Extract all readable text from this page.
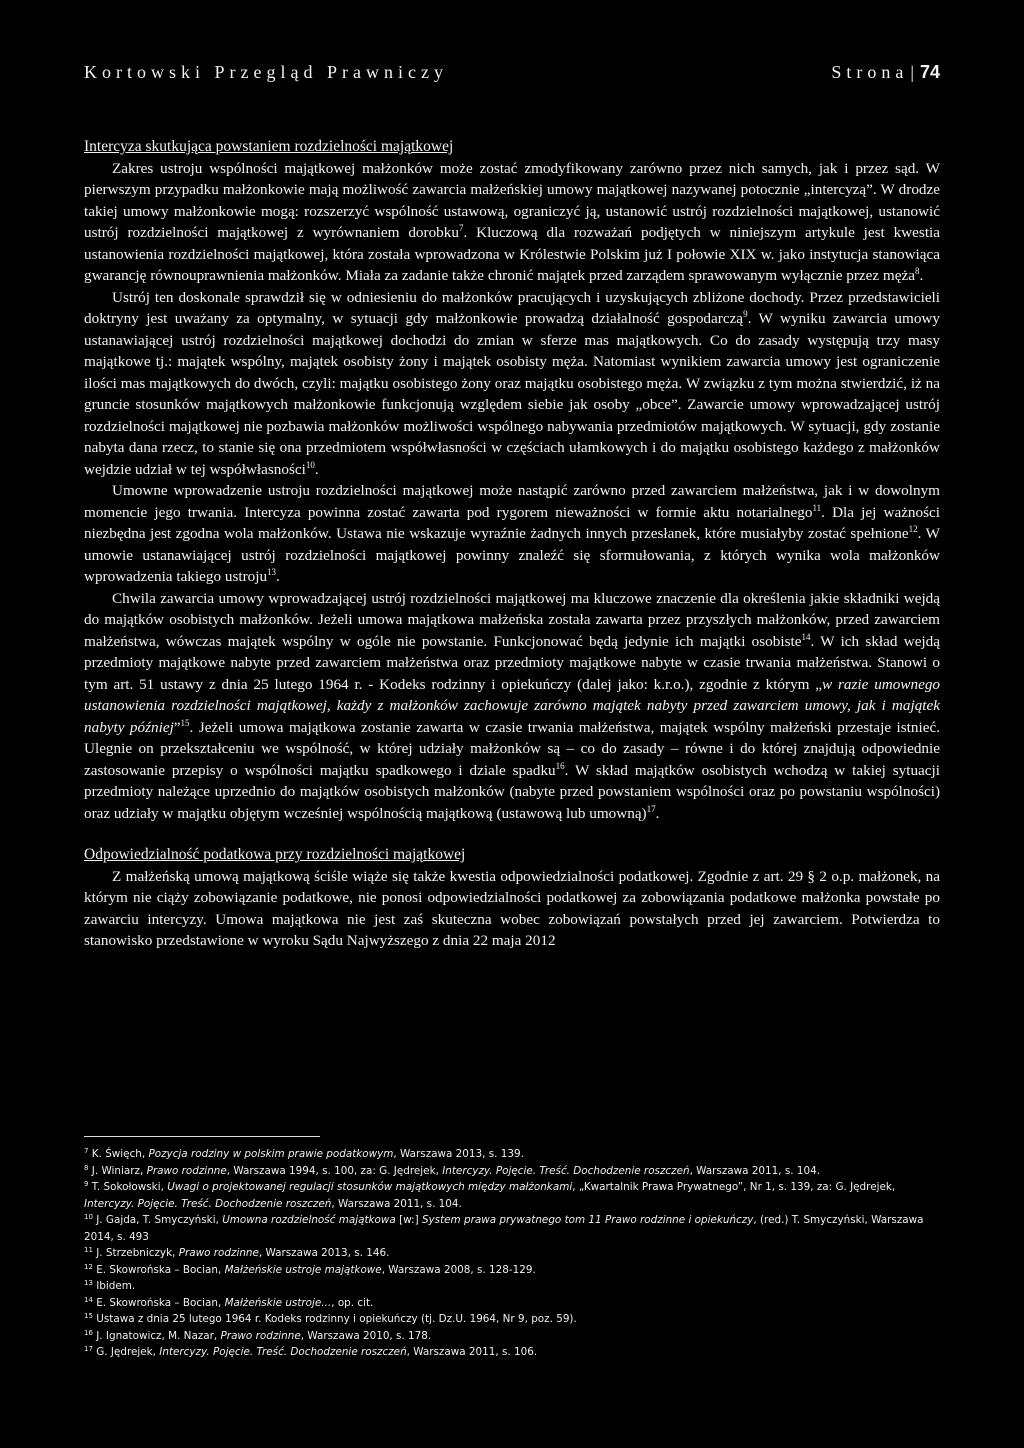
Kortowski Przegląd Prawniczy	Strona | 74
Intercyza skutkująca powstaniem rozdzielności majątkowej

Zakres ustroju wspólności majątkowej małżonków może zostać zmodyfikowany zarówno przez nich samych, jak i przez sąd. W pierwszym przypadku małżonkowie mają możliwość zawarcia małżeńskiej umowy majątkowej nazywanej potocznie „intercyzą”. W drodze takiej umowy małżonkowie mogą: rozszerzyć wspólność ustawową, ograniczyć ją, ustanowić ustrój rozdzielności majątkowej, ustanowić ustrój rozdzielności majątkowej z wyrównaniem dorobku$^7$. Kluczową dla rozważań podjętych w niniejszym artykule jest kwestia ustanowienia rozdzielności majątkowej, która została wprowadzona w Królestwie Polskim już I połowie XIX w. jako instytucja stanowiąca gwarancję równouprawnienia małżonków. Miała za zadanie także chronić majątek przed zarządem sprawowanym wyłącznie przez męża$^8$.

Ustrój ten doskonale sprawdził się w odniesieniu do małżonków pracujących i uzyskujących zbliżone dochody. Przez przedstawicieli doktryny jest uważany za optymalny, w sytuacji gdy małżonkowie prowadzą działalność gospodarczą$^9$. W wyniku zawarcia umowy ustanawiającej ustrój rozdzielności majątkowej dochodzi do zmian w sferze mas majątkowych. Co do zasady występują trzy masy majątkowe tj.: majątek wspólny, majątek osobisty żony i majątek osobisty męża. Natomiast wynikiem zawarcia umowy jest ograniczenie ilości mas majątkowych do dwóch, czyli: majątku osobistego żony oraz majątku osobistego męża. W związku z tym można stwierdzić, iż na gruncie stosunków majątkowych małżonkowie funkcjonują względem siebie jak osoby „obce”. Zawarcie umowy wprowadzającej ustrój rozdzielności majątkowej nie pozbawia małżonków możliwości wspólnego nabywania przedmiotów majątkowych. W sytuacji, gdy zostanie nabyta dana rzecz, to stanie się ona przedmiotem współwłasności w częściach ułamkowych i do majątku osobistego każdego z małżonków wejdzie udział w tej współwłasności$^{10}$.

Umowne wprowadzenie ustroju rozdzielności majątkowej może nastąpić zarówno przed zawarciem małżeństwa, jak i w dowolnym momencie jego trwania. Intercyza powinna zostać zawarta pod rygorem nieważności w formie aktu notarialnego$^{11}$. Dla jej ważności niezbędna jest zgodna wola małżonków. Ustawa nie wskazuje wyraźnie żadnych innych przesłanek, które musiałyby zostać spełnione$^{12}$. W umowie ustanawiającej ustrój rozdzielności majątkowej powinny znaleźć się sformułowania, z których wynika wola małżonków wprowadzenia takiego ustroju$^{13}$.

Chwila zawarcia umowy wprowadzającej ustrój rozdzielności majątkowej ma kluczowe znaczenie dla określenia jakie składniki wejdą do majątków osobistych małżonków. Jeżeli umowa majątkowa małżeńska została zawarta przez przyszłych małżonków, przed zawarciem małżeństwa, wówczas majątek wspólny w ogóle nie powstanie. Funkcjonować będą jedynie ich majątki osobiste$^{14}$. W ich skład wejdą przedmioty majątkowe nabyte przed zawarciem małżeństwa oraz przedmioty majątkowe nabyte w czasie trwania małżeństwa. Stanowi o tym art. 51 ustawy z dnia 25 lutego 1964 r. - Kodeks rodzinny i opiekuńczy (dalej jako: k.r.o.), zgodnie z którym „w razie umownego ustanowienia rozdzielności majątkowej, każdy z małżonków zachowuje zarówno majątek nabyty przed zawarciem umowy, jak i majątek nabyty później”$^{15}$. Jeżeli umowa majątkowa zostanie zawarta w czasie trwania małżeństwa, majątek wspólny małżeński przestaje istnieć. Ulegnie on przekształceniu we wspólność, w której udziały małżonków są – co do zasady – równe i do której znajdują odpowiednie zastosowanie przepisy o wspólności majątku spadkowego i dziale spadku$^{16}$. W skład majątków osobistych wchodzą w takiej sytuacji przedmioty należące uprzednio do majątków osobistych małżonków (nabyte przed powstaniem wspólności oraz po powstaniu wspólności) oraz udziały w majątku objętym wcześniej wspólnością majątkową (ustawową lub umowną)$^{17}$.

Odpowiedzialność podatkowa przy rozdzielności majątkowej

Z małżeńską umową majątkową ściśle wiąże się także kwestia odpowiedzialności podatkowej. Zgodnie z art. 29 § 2 o.p. małżonek, na którym nie ciąży zobowiązanie podatkowe, nie ponosi odpowiedzialności podatkowej za zobowiązania podatkowe małżonka powstałe po zawarciu intercyzy. Umowa majątkowa nie jest zaś skuteczna wobec zobowiązań powstałych przed jej zawarciem. Potwierdza to stanowisko przedstawione w wyroku Sądu Najwyższego z dnia 22 maja 2012

$^7$ K. Święch, Pozycja rodziny w polskim prawie podatkowym, Warszawa 2013, s. 139.

$^8$ J. Winiarz, Prawo rodzinne, Warszawa 1994, s. 100, za: G. Jędrejek, Intercyzy. Pojęcie. Treść. Dochodzenie roszczeń, Warszawa 2011, s. 104.

$^9$ T. Sokołowski, Uwagi o projektowanej regulacji stosunków majątkowych między małżonkami, „Kwartalnik Prawa Prywatnego”, Nr 1, s. 139, za: G. Jędrejek, Intercyzy. Pojęcie. Treść. Dochodzenie roszczeń, Warszawa 2011, s. 104.

$^{10}$ J. Gajda, T. Smyczyński, Umowna rozdzielność majątkowa [w:] System prawa prywatnego tom 11 Prawo rodzinne i opiekuńczy, (red.) T. Smyczyński, Warszawa 2014, s. 493

$^{11}$ J. Strzebniczyk, Prawo rodzinne, Warszawa 2013, s. 146.

$^{12}$ E. Skowrońska – Bocian, Małżeńskie ustroje majątkowe, Warszawa 2008, s. 128-129.

$^{13}$ Ibidem.

$^{14}$ E. Skowrońska – Bocian, Małżeńskie ustroje..., op. cit.

$^{15}$ Ustawa z dnia 25 lutego 1964 r. Kodeks rodzinny i opiekuńczy (tj. Dz.U. 1964, Nr 9, poz. 59).

$^{16}$ J. Ignatowicz, M. Nazar, Prawo rodzinne, Warszawa 2010, s. 178.

$^{17}$ G. Jędrejek, Intercyzy. Pojęcie. Treść. Dochodzenie roszczeń, Warszawa 2011, s. 106.
